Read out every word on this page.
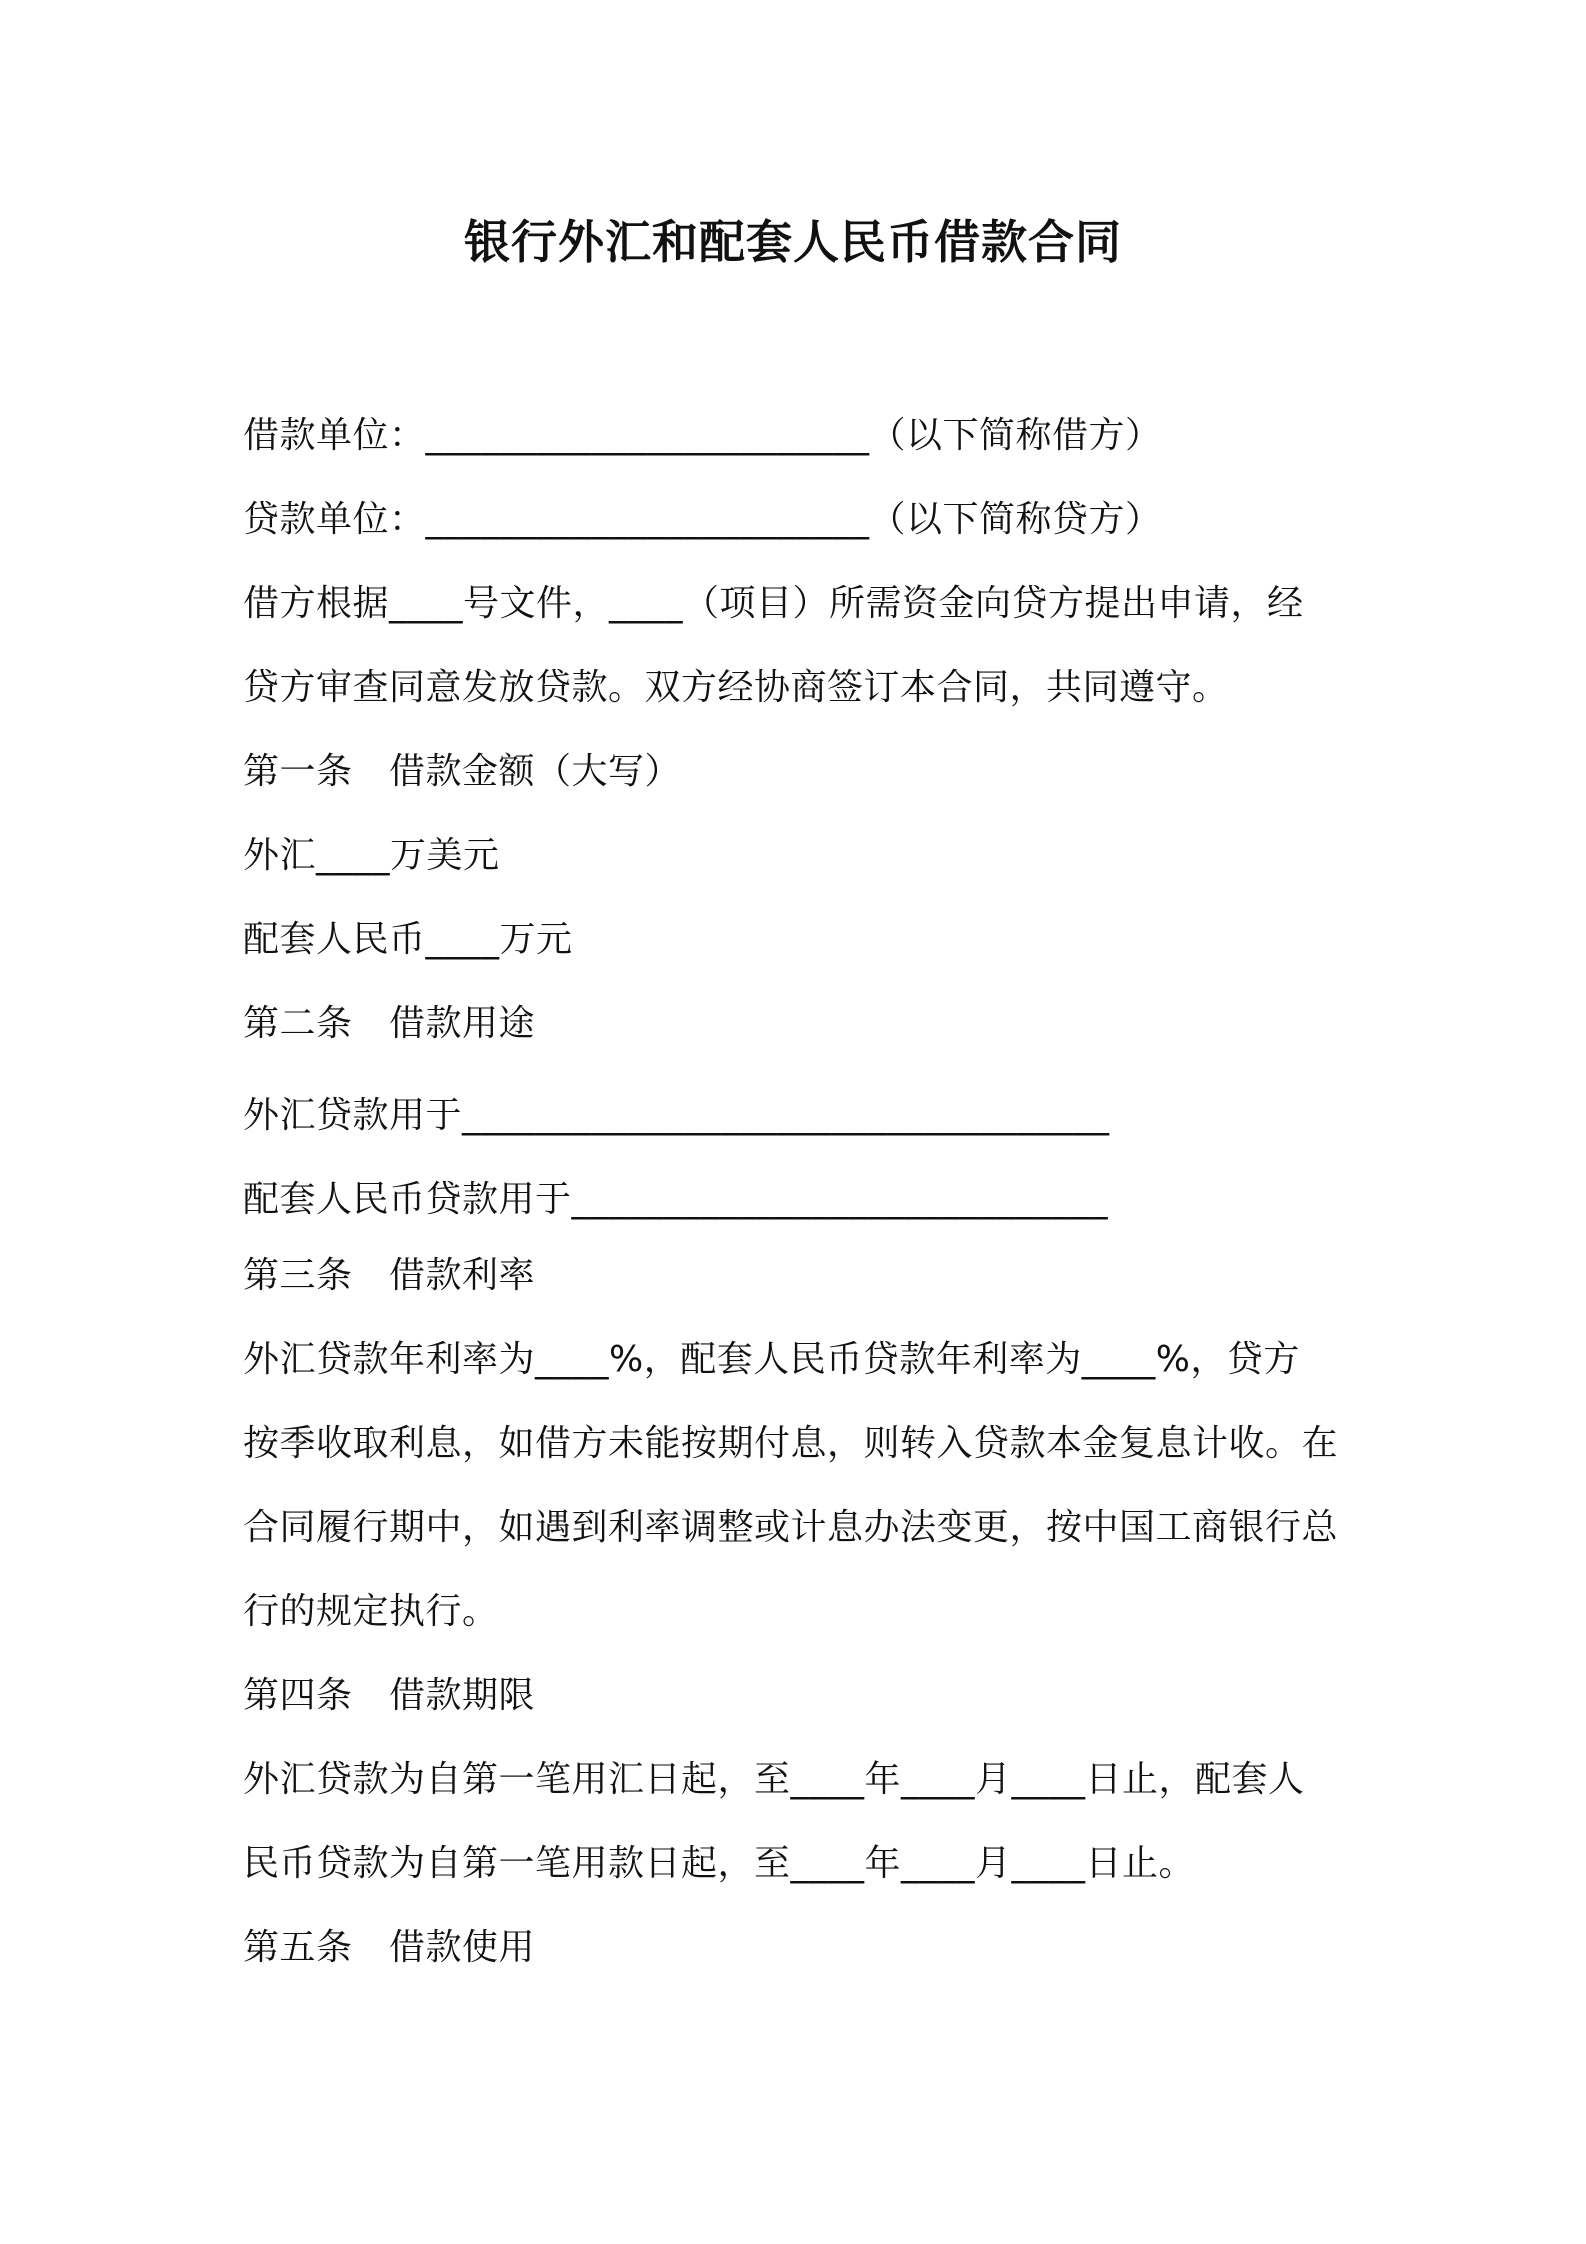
银行外汇和配套人民币借款合同
借款单位：________________________（以下简称借方）
贷款单位：________________________（以下简称贷方）
借方根据____号文件，____（项目）所需资金向贷方提出申请，经
贷方审查同意发放贷款。双方经协商签订本合同，共同遵守。
第一条　借款金额（大写）
外汇____万美元
配套人民币____万元
第二条　借款用途
外汇贷款用于___________________________________
配套人民币贷款用于_____________________________
第三条　借款利率
外汇贷款年利率为____%，配套人民币贷款年利率为____%，贷方
按季收取利息，如借方未能按期付息，则转入贷款本金复息计收。在
合同履行期中，如遇到利率调整或计息办法变更，按中国工商银行总
行的规定执行。
第四条　借款期限
外汇贷款为自第一笔用汇日起，至____年____月____日止，配套人
民币贷款为自第一笔用款日起，至____年____月____日止。
第五条　借款使用
